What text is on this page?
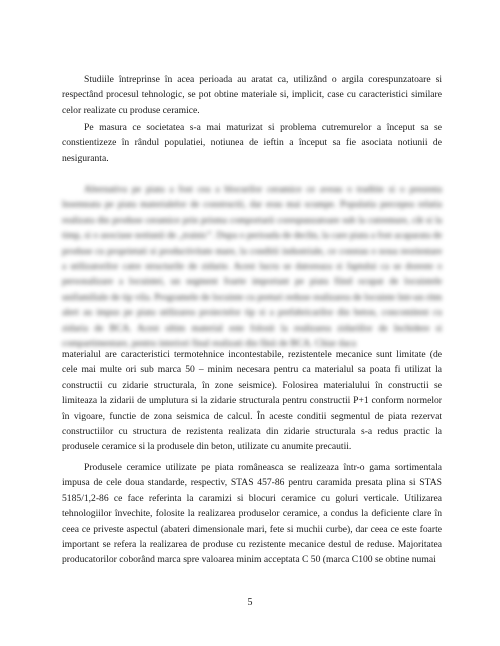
Studiile întreprinse în acea perioada au aratat ca, utilizând o argila corespunzatoare si respectând procesul tehnologic, se pot obtine materiale si, implicit, case cu caracteristici similare celor realizate cu produse ceramice.

Pe masura ce societatea s-a mai maturizat si problema cutremurelor a început sa se constientizeze în rândul populatiei, notiunea de ieftin a început sa fie asociata notiunii de nesiguranta.

Alternativa pe piata a fost cea a blocurilor ceramice ce aveau o traditie si o prezenta însemnata pe piata materialelor de constructii, dar erau mai scumpe. Populatia percepea relatia realizata din produse ceramice prin prisma comportarii corespunzatoare sub la cutremure, cât si la timp, si o asociase notiunii de „trainic”. Dupa o perioada de declin, la care piata a fost acaparata de produse cu proprietati si productivitate mare, la conditii industriale, ce constau o noua reorientare a utilizatorilor catre structurile de zidarie. Acest lucru se datoreaza si faptului ca se doreste o personalizare a locuintei, un segment foarte important pe piata fiind ocupat de locuintele unifamiliale de tip vila. Programele de locuinte cu preturi reduse realizarea de locuinte într-un ritm alert au impus pe piata utilizarea proiectelor tip si a prefabricarilor din beton, concomitent cu zidaria de BCA. Acest ultim material este folosit la realizarea zidariilor de închidere si compartimentare, pentru interiori final realizati din fâsii de BCA. Chiar daca

materialul are caracteristici termotehnice incontestabile, rezistentele mecanice sunt limitate (de cele mai multe ori sub marca 50 – minim necesara pentru ca materialul sa poata fi utilizat la constructii cu zidarie structurala, în zone seismice). Folosirea materialului în constructii se limiteaza la zidarii de umplutura si la zidarie structurala pentru constructii P+1 conform normelor în vigoare, functie de zona seismica de calcul. În aceste conditii segmentul de piata rezervat constructiilor cu structura de rezistenta realizata din zidarie structurala s-a redus practic la produsele ceramice si la produsele din beton, utilizate cu anumite precautii.

Produsele ceramice utilizate pe piata româneasca se realizeaza într-o gama sortimentala impusa de cele doua standarde, respectiv, STAS 457-86 pentru caramida presata plina si STAS 5185/1,2-86 ce face referinta la caramizi si blocuri ceramice cu goluri verticale. Utilizarea tehnologiilor învechite, folosite la realizarea produselor ceramice, a condus la deficiente clare în ceea ce priveste aspectul (abateri dimensionale mari, fete si muchii curbe), dar ceea ce este foarte important se refera la realizarea de produse cu rezistente mecanice destul de reduse. Majoritatea producatorilor coborând marca spre valoarea minim acceptata C 50 (marca C100 se obtine numai

5
